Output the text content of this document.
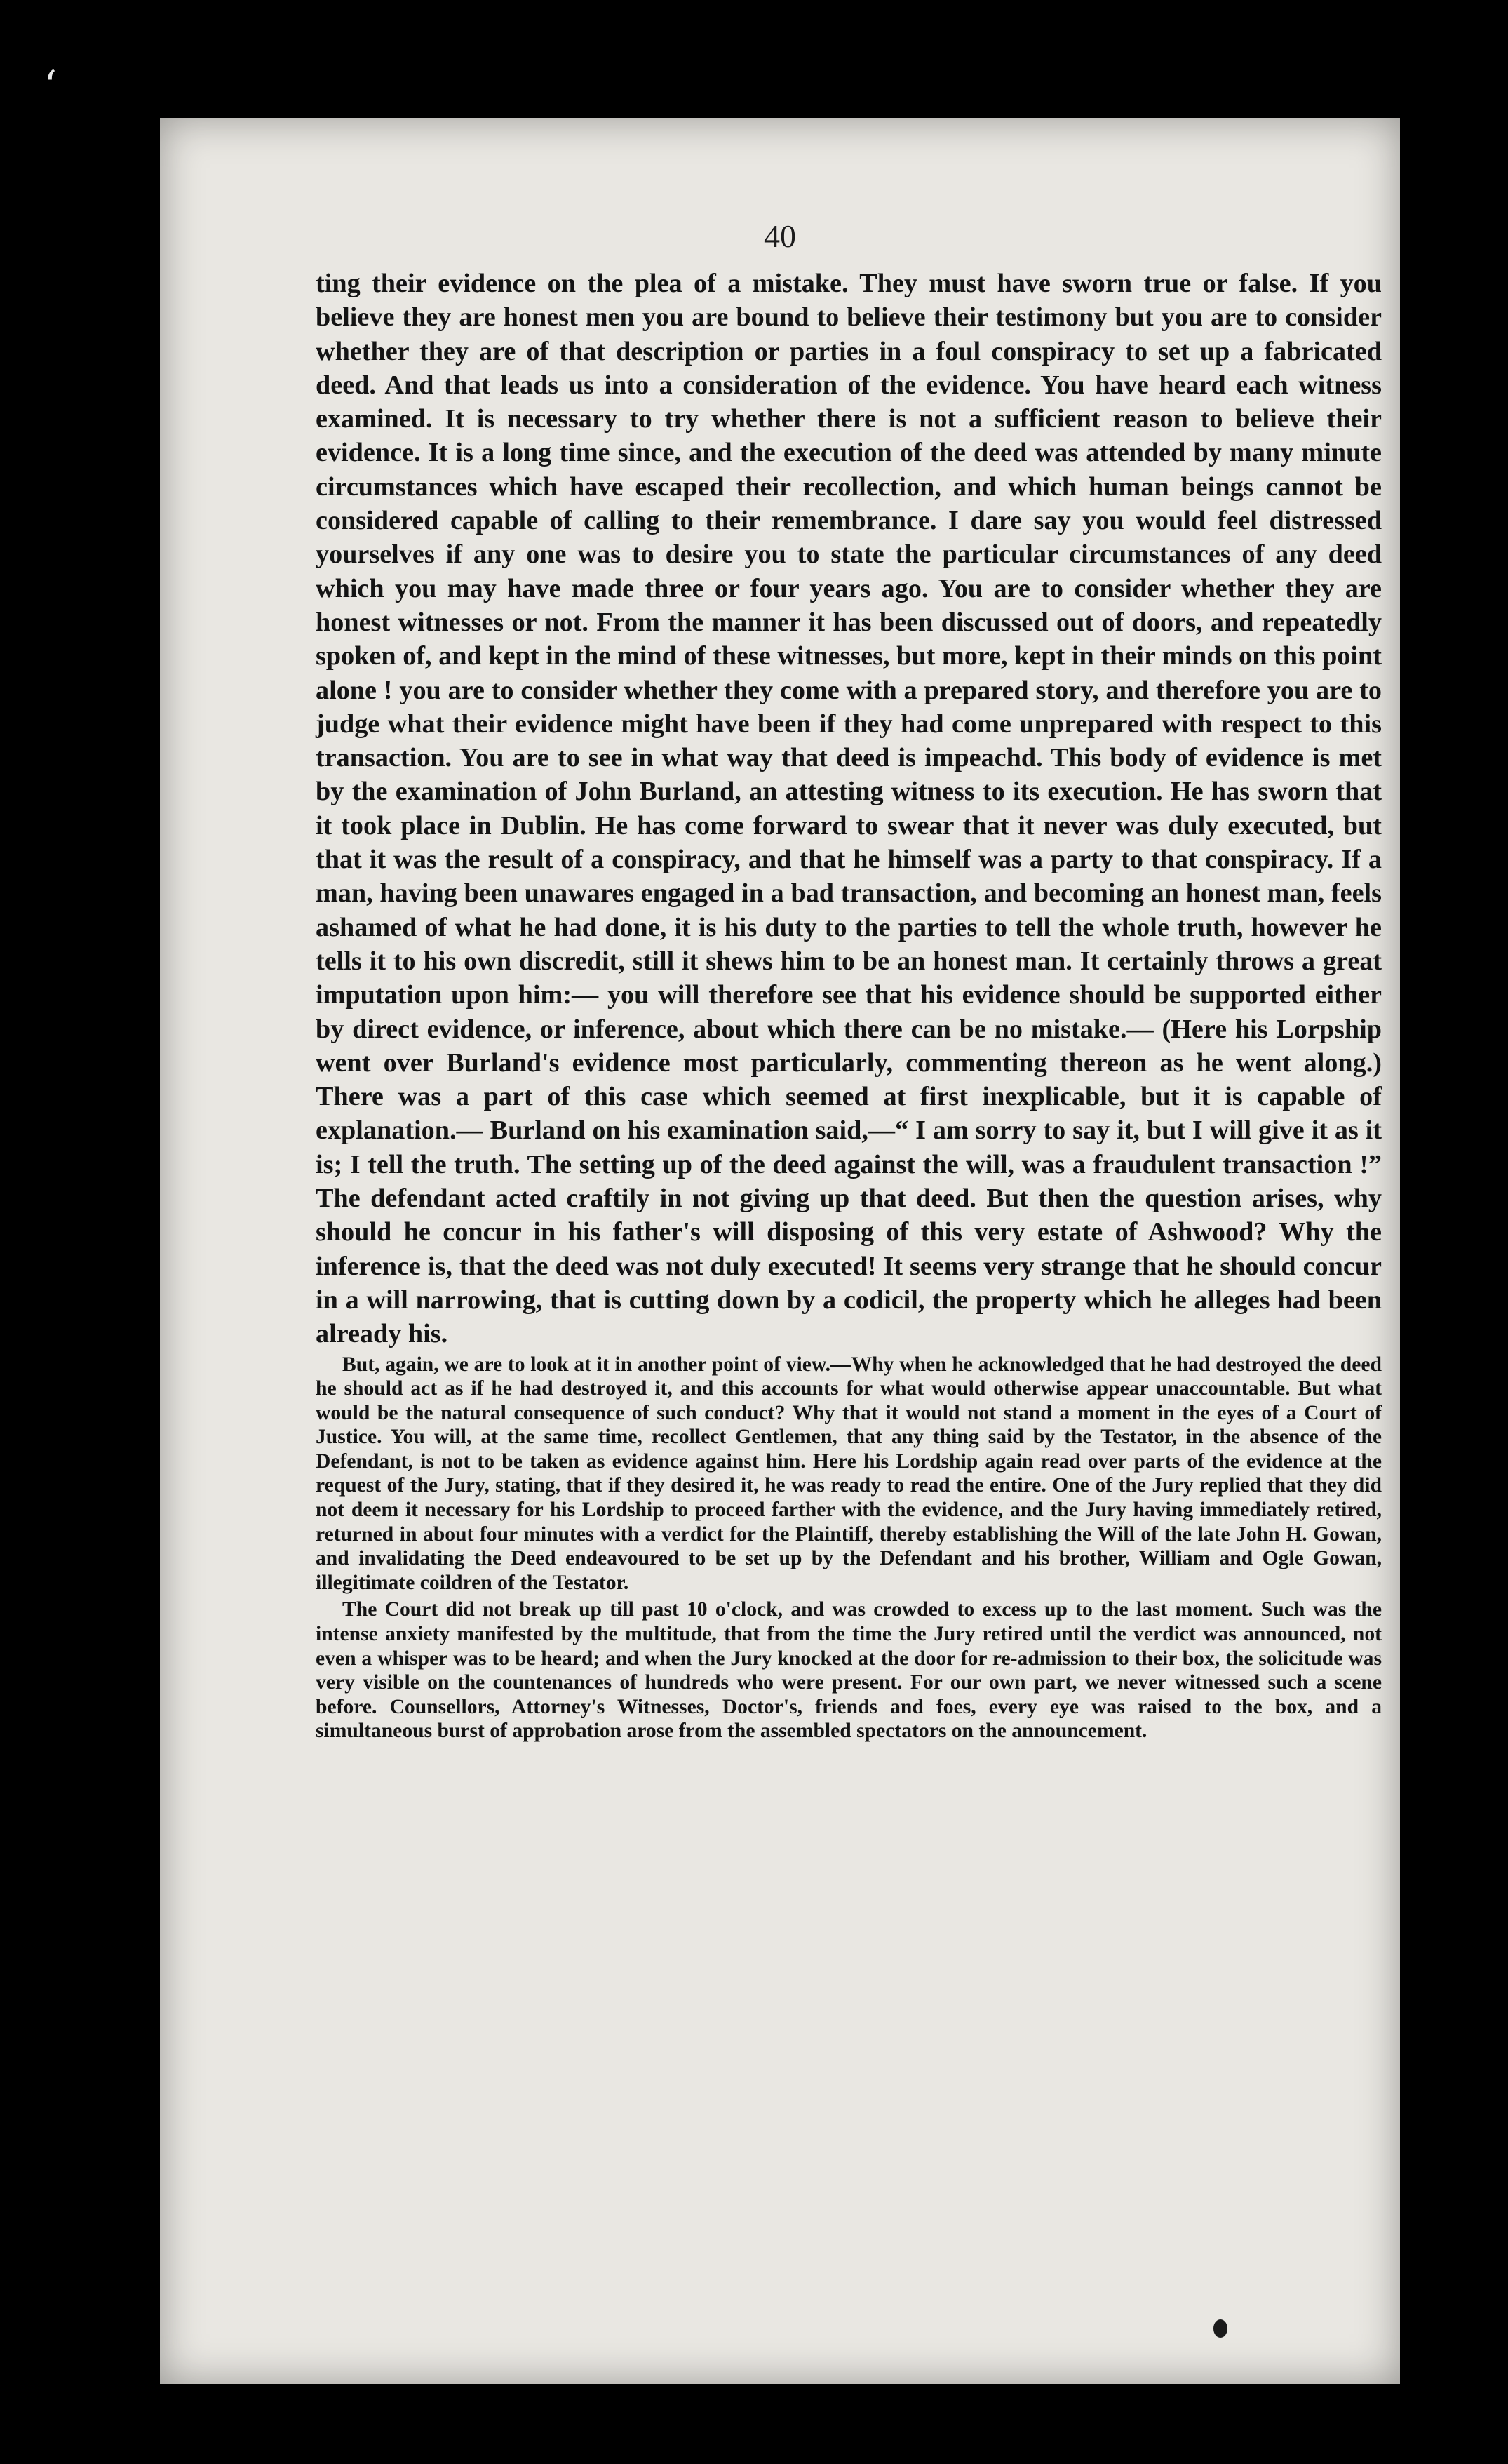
‘
40

ting their evidence on the plea of a mistake. They must have sworn true or false. If you believe they are honest men you are bound to believe their testimony but you are to consider whether they are of that description or parties in a foul conspiracy to set up a fabricated deed. And that leads us into a consideration of the evidence. You have heard each witness examined. It is necessary to try whether there is not a sufficient reason to believe their evidence. It is a long time since, and the execution of the deed was attended by many minute circumstances which have escaped their recollection, and which human beings cannot be considered capable of calling to their remembrance. I dare say you would feel distressed yourselves if any one was to desire you to state the particular circumstances of any deed which you may have made three or four years ago. You are to consider whether they are honest witnesses or not. From the manner it has been discussed out of doors, and repeatedly spoken of, and kept in the mind of these witnesses, but more, kept in their minds on this point alone ! you are to consider whether they come with a prepared story, and therefore you are to judge what their evidence might have been if they had come unprepared with respect to this transaction. You are to see in what way that deed is impeachd. This body of evidence is met by the examination of John Burland, an attesting witness to its execution. He has sworn that it took place in Dublin. He has come forward to swear that it never was duly executed, but that it was the result of a conspiracy, and that he himself was a party to that conspiracy. If a man, having been unawares engaged in a bad transaction, and becoming an honest man, feels ashamed of what he had done, it is his duty to the parties to tell the whole truth, however he tells it to his own discredit, still it shews him to be an honest man. It certainly throws a great imputation upon him:— you will therefore see that his evidence should be supported either by direct evidence, or inference, about which there can be no mistake.— (Here his Lorpship went over Burland's evidence most particularly, commenting thereon as he went along.) There was a part of this case which seemed at first inexplicable, but it is capable of explanation.— Burland on his examination said,—“ I am sorry to say it, but I will give it as it is; I tell the truth. The setting up of the deed against the will, was a fraudulent transaction !” The defendant acted craftily in not giving up that deed. But then the question arises, why should he concur in his father's will disposing of this very estate of Ashwood? Why the inference is, that the deed was not duly executed! It seems very strange that he should concur in a will narrowing, that is cutting down by a codicil, the property which he alleges had been already his.

But, again, we are to look at it in another point of view.—Why when he acknowledged that he had destroyed the deed he should act as if he had destroyed it, and this accounts for what would otherwise appear unaccountable. But what would be the natural consequence of such conduct? Why that it would not stand a moment in the eyes of a Court of Justice. You will, at the same time, recollect Gentlemen, that any thing said by the Testator, in the absence of the Defendant, is not to be taken as evidence against him. Here his Lordship again read over parts of the evidence at the request of the Jury, stating, that if they desired it, he was ready to read the entire. One of the Jury replied that they did not deem it necessary for his Lordship to proceed farther with the evidence, and the Jury having immediately retired, returned in about four minutes with a verdict for the Plaintiff, thereby establishing the Will of the late John H. Gowan, and invalidating the Deed endeavoured to be set up by the Defendant and his brother, William and Ogle Gowan, illegitimate coildren of the Testator.

The Court did not break up till past 10 o'clock, and was crowded to excess up to the last moment. Such was the intense anxiety manifested by the multitude, that from the time the Jury retired until the verdict was announced, not even a whisper was to be heard; and when the Jury knocked at the door for re-admission to their box, the solicitude was very visible on the countenances of hundreds who were present. For our own part, we never witnessed such a scene before. Counsellors, Attorney's Witnesses, Doctor's, friends and foes, every eye was raised to the box, and a simultaneous burst of approbation arose from the assembled spectators on the announcement.
